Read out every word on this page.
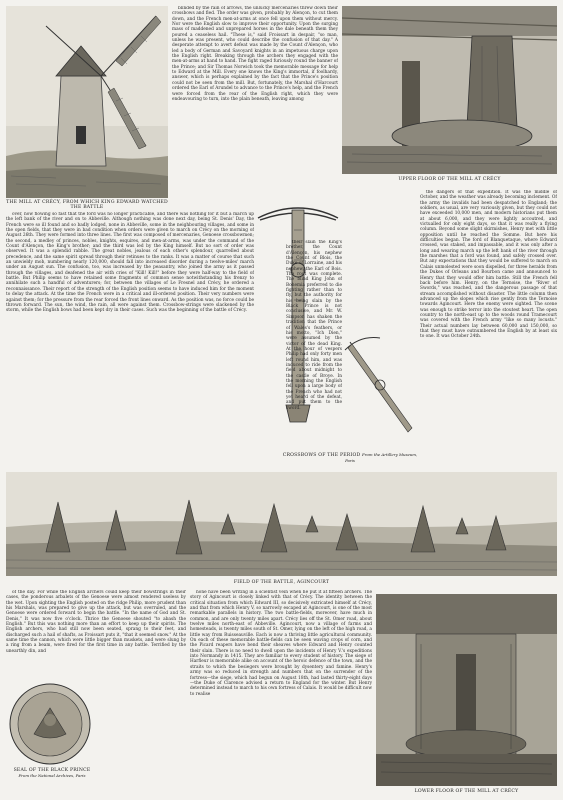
THE MILL AT CRÉCY, FROM WHICH KING EDWARD WATCHED THE BATTLE

blinded by the rain of arrows, the unlucky mercenaries threw down their crossbows and fled. The order was given, probably by Alençon, to cut them down, and the French men-at-arms at once fell upon them without mercy. Nor were the English slow to improve their opportunity. Upon the surging mass of maddened and unprepared horses in the dale beneath them they poured a ceaseless hail. "These is," said Froissart in despair, "so man, unless he was present, who could describe the confusion of that day." A desperate attempt to avert defeat was made by the Count d'Alençon, who led a body of German and Savoyard knights in an impetuous charge upon the English right. Breaking through the archers they engaged with the men-at-arms at hand to hand. The fight raged furiously round the banner of the Prince; and Sir Thomas Norwich took the memorable message for help to Edward at the Mill. Every one knows the King's immortal, if foolhardy, answer, which is perhaps explained by the fact that the Prince's position could not be seen from the mill. But, fortunately, the Marshal d'Harcourt ordered the Earl of Arundel to advance to the Prince's help, and the French were forced from the rear of the English right, which they were endeavouring to turn, into the plain beneath, leaving among

UPPER FLOOR OF THE MILL AT CRÉCY

over, now flowing so fast that the ford was no longer practicable, and there was nothing for it but a march up the left bank of the river and on to Abbeville. Although nothing was done next day, being St. Denis' Day, the French were so ill found and so badly lodged, none in Abbeville, some in the neighbouring villages, and some in the open fields, that they were in bad condition when orders were given to march on Crécy on the morning of August 26th. They were formed into three lines. The first was composed of mercenaries, Genoese crossbowmen; the second, a medley of princes, nobles, knights, esquires, and men-at-arms, was under the command of the Count d'Alençon, the King's brother; and the third was led by the King himself. But no sort of order was observed. It was a splendid rabble. The great nobles, jealous of each other's splendour, quarrelled about precedence, and the same spirit spread through their retinues to the ranks. It was a matter of course that such an unwieldy mob, numbering nearly 120,000, should fall into increased disorder during a twelve-miles' march under an August sun. The confusion, too, was increased by the peasantry, who joined the army as it passed through the villages, and deafened the air with cries of "Kill! Kill!" before they were half-way to the field of battle. But Philip seems to have retained some fragments of common sense notwithstanding his frenzy to annihilate such a handful of adventurers; for, between the villages of Le Fresnel and Crécy, he ordered a reconnaissance. Their report of the strength of the English position seems to have induced him for the moment to delay the attack. At the time the French were in a critical and ill-ordered position. Their very numbers were against them; for the pressure from the rear forced the front lines onward. As the position was, no force could be thrown forward. The sun, the wind, the rain, all were against them. Crossbow-strings were slackened by the storm, while the English bows had been kept dry in their cases. Such was the beginning of the battle of Crécy.

their slain the King's brother, the Count d'Alençon, his nephew the Count of Blois, the Duke of Lorraine, and his nephew, the Earl of Bois. The rout was complete. The blind King John of Bohemia preferred to die fighting rather than to fly, but the authority for his being slain by the Black Prince is not conclusive, and Mr. W. Simpson has shaken the tradition that the Prince of Wales's feathers, or his motto, "Ich Dien," were assumed by the victor of the dead King. At the hour of vespers Philip had only forty men left round him, and was induced to ride from the field about midnight to the castle of Broye. In the morning the English fell upon a large body of the French who had not yet heard of the defeat, and put them to the sword.

CROSSBOWS OF THE PERIOD From the Artillery Museum, Paris

the dangers of that expedition. It was the middle of October, and the weather was already becoming inclement. Of the army the invalids had been despatched to England; the soldiers, as usual, are very variously given, but they could not have exceeded 10,000 men, and modern historians put them at about 6,000, and they were lightly accoutred, and victualled for only eight days, so that it was really a flying column. Beyond some slight skirmishes, Henry met with little opposition until he reached the Somme. But here his difficulties began. The ford of Blanquetaque, where Edward crossed, was staked, and impassable, and it was only after a long and wearing march up the left bank of the river through the marshes that a ford was found, and safely crossed over. But any expectations that they would be suffered to march on Calais unmolested were soon dispelled, for three heralds from the Dukes of Orleans and Bourbon came and announced to Henry that they would offer him battle. Still the French fell back before him. Henry, on the Ternoise, the "River of Swords," was reached, and the dangerous passage of that stream accomplished without disaster. The little column then advanced up the slopes which rise gently from the Ternoise towards Agincourt. Here the enemy were sighted. The scene was enough to strike terror into the stoutest heart. The open country to the north-east up to the woods round Tramecourt was covered with the French army "like so many locusts." Their actual numbers lay between 60,000 and 150,000, so that they must have outnumbered the English by at least six to one. It was October 24th.

FIELD OF THE BATTLE, AGINCOURT

of the day. For while the English archers could keep their bowstrings in their cases, the ponderous arbalets of the Genoese were almost rendered useless by the wet. Upon sighting the English posted on the ridge Philip, more prudent than his Marshals, was prepared to give up the attack, but was overruled, and the Genoese were ordered forward to begin the battle. "In the name of God and St. Denis," It was now five o'clock. Thrice the Genoese shouted "to abash the English." But this was nothing more than an effort to keep up their spirits. The English archers, who had still now been seated, sprang to their feet, and discharged such a hail of shafts, as Froissart puts it, "that it seemed snow." At the same time the cannon, which were little bigger than muskets, and were slung by a ring from a beam, were fired for the first time in any battle. Terrified by the unearthly din, and

SEAL OF THE BLACK PRINCE
From the National Archives, Paris

none have been writing in a scientist vein when he put it at fifteen archers. The story of Agincourt is closely linked with that of Crécy. The identity between the critical situation from which Edward III, so decisively extricated himself at Crécy, and that from which Henry V, so narrowly escaped at Agincourt, is one of the most remarkable parallels in history. The two battle-fields, moreover, have much in common, and are only twenty miles apart. Crécy lies off the St. Omer road, about twelve miles north-east of Abbeville. Agincourt, now a village of farms and homesteads, is twenty miles south of St. Omer, lying on the left of the high road, a little way from Ruisseauville. Each is now a thriving little agricultural community. On each of these memorable battle-fields can be seen waving crops of corn, and the Picard reapers have bend their sheaves where Edward and Henry counted their slain. There is no need to dwell upon the incidents of Henry V.'s expeditions into Normandy in 1415. They are familiar to every student of history. The siege of Harfleur is memorable alike on account of the heroic defence of the town, and the straits to which the besiegers were brought by dysentery and famine. Henry's army was so reduced in strength and numbers that on the surrender of the fortress—the siege, which had begun on August 18th, had lasted thirty-eight days—the Duke of Clarence advised a return to England for the winter. But Henry determined instead to march to his own fortress of Calais. It would be difficult now to realise

LOWER FLOOR OF THE MILL AT CRÉCY
